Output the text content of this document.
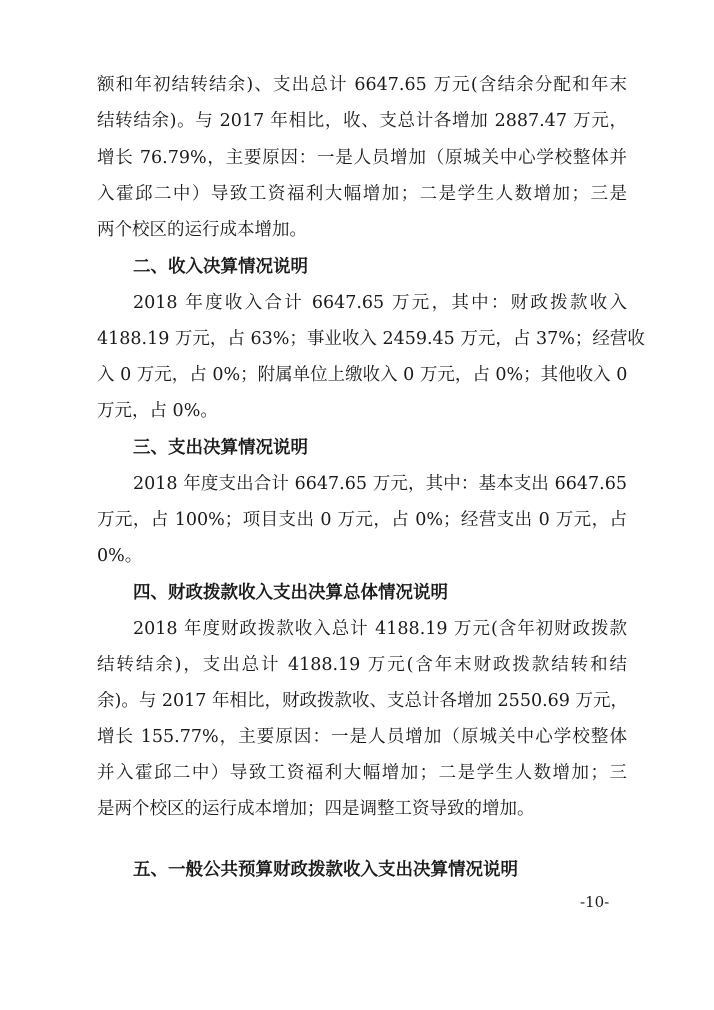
额和年初结转结余)、支出总计 6647.65 万元(含结余分配和年末
结转结余)。与 2017 年相比，收、支总计各增加 2887.47 万元，
增长 76.79%，主要原因：一是人员增加（原城关中心学校整体并
入霍邱二中）导致工资福利大幅增加；二是学生人数增加；三是
两个校区的运行成本增加。
二、收入决算情况说明
2018 年度收入合计 6647.65 万元，其中：财政拨款收入
4188.19 万元，占 63%；事业收入 2459.45 万元，占 37%；经营收
入 0 万元，占 0%；附属单位上缴收入 0 万元，占 0%；其他收入 0
万元，占 0%。
三、支出决算情况说明
2018 年度支出合计 6647.65 万元，其中：基本支出 6647.65
万元，占 100%；项目支出 0 万元，占 0%；经营支出 0 万元，占
0%。
四、财政拨款收入支出决算总体情况说明
2018 年度财政拨款收入总计 4188.19 万元(含年初财政拨款
结转结余)，支出总计 4188.19 万元(含年末财政拨款结转和结
余)。与 2017 年相比，财政拨款收、支总计各增加 2550.69 万元，
增长 155.77%，主要原因：一是人员增加（原城关中心学校整体
并入霍邱二中）导致工资福利大幅增加；二是学生人数增加；三
是两个校区的运行成本增加；四是调整工资导致的增加。
五、一般公共预算财政拨款收入支出决算情况说明
-10-
